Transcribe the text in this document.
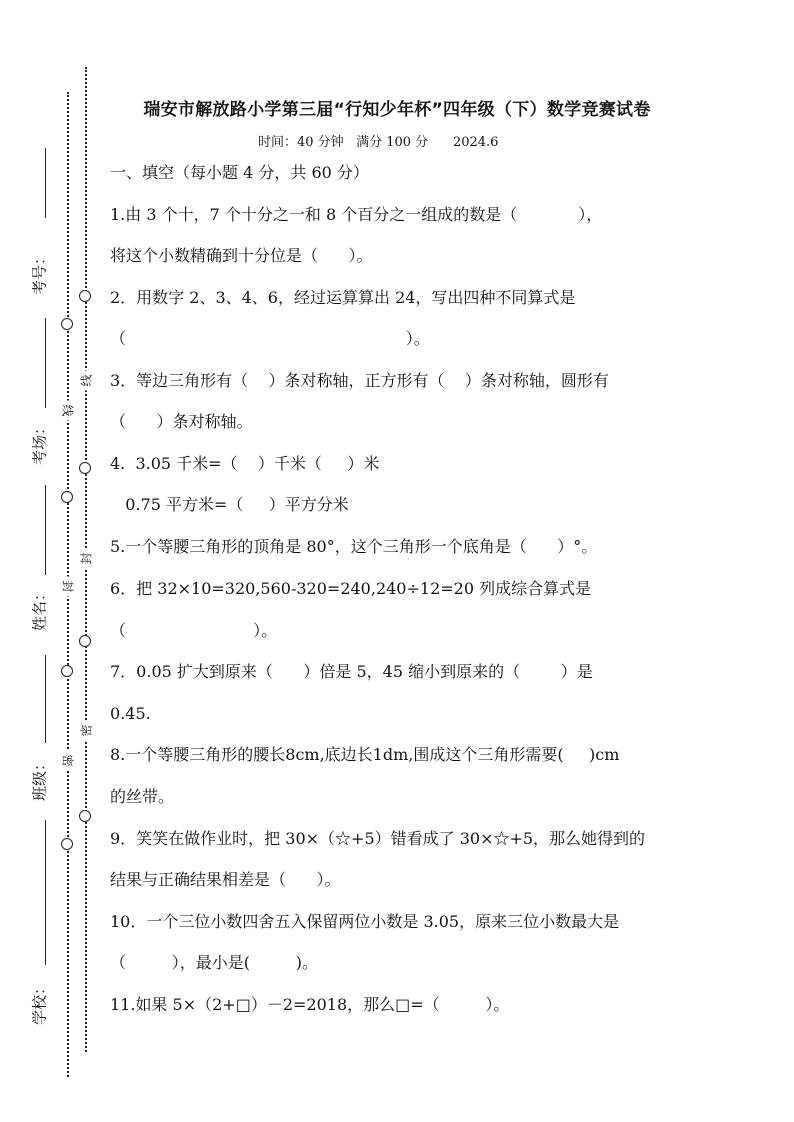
考号：
考场：
姓名：
班级：
学校：
线
封
密
线
封
密
瑞安市解放路小学第三届“行知少年杯”四年级（下）数学竞赛试卷
时间：40 分钟   满分 100 分      2024.6
一、填空（每小题 4 分，共 60 分）
1.由 3 个十，7 个十分之一和 8 个百分之一组成的数是（            ），
将这个小数精确到十分位是（      ）。
2．用数字 2、3、4、6，经过运算算出 24，写出四种不同算式是
（                                                       ）。
3．等边三角形有（    ）条对称轴，正方形有（    ）条对称轴，圆形有
（      ）条对称轴。
4.  3.05 千米=（    ）千米（     ）米
0.75 平方米=（     ）平方分米
5.一个等腰三角形的顶角是 80°，这个三角形一个底角是（      ）°。
6．把 32×10=320,560-320=240,240÷12=20 列成综合算式是
（                         ）。
7．0.05 扩大到原来（      ）倍是 5，45 缩小到原来的（        ）是
0.45.
8.一个等腰三角形的腰长8cm,底边长1dm,围成这个三角形需要(     )cm
的丝带。
9．笑笑在做作业时，把 30×（☆+5）错看成了 30×☆+5，那么她得到的
结果与正确结果相差是（      ）。
10．一个三位小数四舍五入保留两位小数是 3.05，原来三位小数最大是
（         ），最小是(         )。
11.如果 5×（2+□）－2=2018，那么□=（         ）。
